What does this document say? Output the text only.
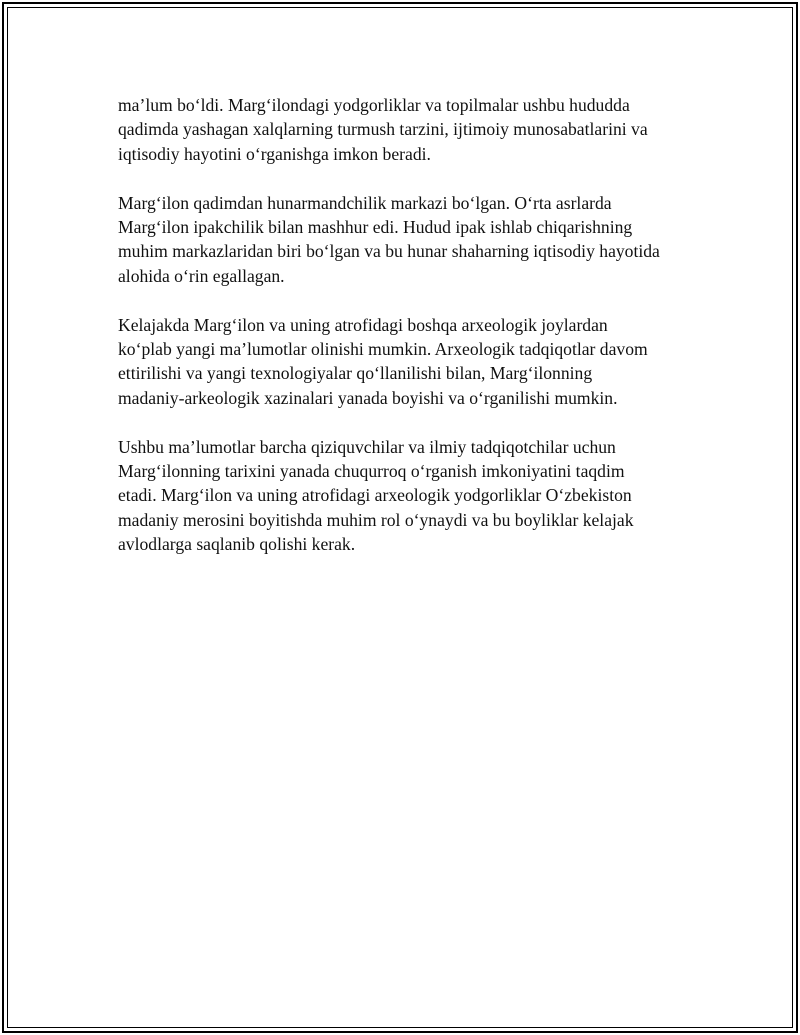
ma’lum bo‘ldi. Marg‘ilondagi yodgorliklar va topilmalar ushbu hududda
qadimda yashagan xalqlarning turmush tarzini, ijtimoiy munosabatlarini va
iqtisodiy hayotini o‘rganishga imkon beradi.

Marg‘ilon qadimdan hunarmandchilik markazi bo‘lgan. O‘rta asrlarda
Marg‘ilon ipakchilik bilan mashhur edi. Hudud ipak ishlab chiqarishning
muhim markazlaridan biri bo‘lgan va bu hunar shaharning iqtisodiy hayotida
alohida o‘rin egallagan.

Kelajakda Marg‘ilon va uning atrofidagi boshqa arxeologik joylardan
ko‘plab yangi ma’lumotlar olinishi mumkin. Arxeologik tadqiqotlar davom
ettirilishi va yangi texnologiyalar qo‘llanilishi bilan, Marg‘ilonning
madaniy-arkeologik xazinalari yanada boyishi va o‘rganilishi mumkin.

Ushbu ma’lumotlar barcha qiziquvchilar va ilmiy tadqiqotchilar uchun
Marg‘ilonning tarixini yanada chuqurroq o‘rganish imkoniyatini taqdim
etadi. Marg‘ilon va uning atrofidagi arxeologik yodgorliklar O‘zbekiston
madaniy merosini boyitishda muhim rol o‘ynaydi va bu boyliklar kelajak
avlodlarga saqlanib qolishi kerak.
